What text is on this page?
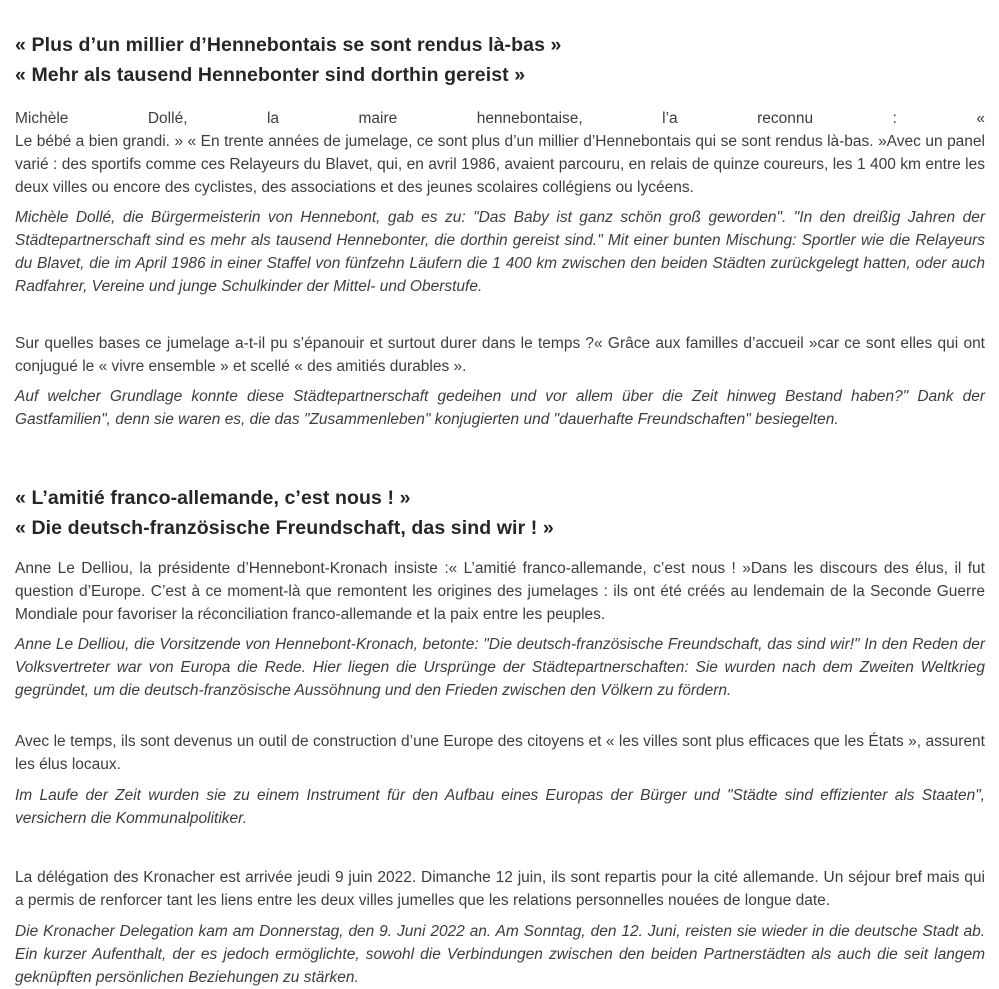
« Plus d’un millier d’Hennebontais se sont rendus là-bas »
« Mehr als tausend Hennebonter sind dorthin gereist »

Michèle Dollé, la maire hennebontaise, l’a reconnu : «
Le bébé a bien grandi. » « En trente années de jumelage, ce sont plus d’un millier d’Hennebontais qui se sont rendus là-bas. »Avec un panel varié : des sportifs comme ces Relayeurs du Blavet, qui, en avril 1986, avaient parcouru, en relais de quinze coureurs, les 1 400 km entre les deux villes ou encore des cyclistes, des associations et des jeunes scolaires collégiens ou lycéens.

Michèle Dollé, die Bürgermeisterin von Hennebont, gab es zu: "Das Baby ist ganz schön groß geworden". "In den dreißig Jahren der Städtepartnerschaft sind es mehr als tausend Hennebonter, die dorthin gereist sind." Mit einer bunten Mischung: Sportler wie die Relayeurs du Blavet, die im April 1986 in einer Staffel von fünfzehn Läufern die 1 400 km zwischen den beiden Städten zurückgelegt hatten, oder auch Radfahrer, Vereine und junge Schulkinder der Mittel- und Oberstufe.

Sur quelles bases ce jumelage a-t-il pu s’épanouir et surtout durer dans le temps ?« Grâce aux familles d’accueil »car ce sont elles qui ont conjugué le « vivre ensemble » et scellé « des amitiés durables ».

Auf welcher Grundlage konnte diese Städtepartnerschaft gedeihen und vor allem über die Zeit hinweg Bestand haben?" Dank der Gastfamilien", denn sie waren es, die das "Zusammenleben" konjugierten und "dauerhafte Freundschaften" besiegelten.

« L’amitié franco-allemande, c’est nous ! »
« Die deutsch-französische Freundschaft, das sind wir ! »

Anne Le Delliou, la présidente d’Hennebont-Kronach insiste :« L’amitié franco-allemande, c’est nous ! »Dans les discours des élus, il fut question d’Europe. C’est à ce moment-là que remontent les origines des jumelages : ils ont été créés au lendemain de la Seconde Guerre Mondiale pour favoriser la réconciliation franco-allemande et la paix entre les peuples.

Anne Le Delliou, die Vorsitzende von Hennebont-Kronach, betonte: "Die deutsch-französische Freundschaft, das sind wir!" In den Reden der Volksvertreter war von Europa die Rede. Hier liegen die Ursprünge der Städtepartnerschaften: Sie wurden nach dem Zweiten Weltkrieg gegründet, um die deutsch-französische Aussöhnung und den Frieden zwischen den Völkern zu fördern.

Avec le temps, ils sont devenus un outil de construction d’une Europe des citoyens et « les villes sont plus efficaces que les États », assurent les élus locaux.

Im Laufe der Zeit wurden sie zu einem Instrument für den Aufbau eines Europas der Bürger und "Städte sind effizienter als Staaten", versichern die Kommunalpolitiker.

La délégation des Kronacher est arrivée jeudi 9 juin 2022. Dimanche 12 juin, ils sont repartis pour la cité allemande. Un séjour bref mais qui a permis de renforcer tant les liens entre les deux villes jumelles que les relations personnelles nouées de longue date.

Die Kronacher Delegation kam am Donnerstag, den 9. Juni 2022 an. Am Sonntag, den 12. Juni, reisten sie wieder in die deutsche Stadt ab. Ein kurzer Aufenthalt, der es jedoch ermöglichte, sowohl die Verbindungen zwischen den beiden Partnerstädten als auch die seit langem geknüpften persönlichen Beziehungen zu stärken.
